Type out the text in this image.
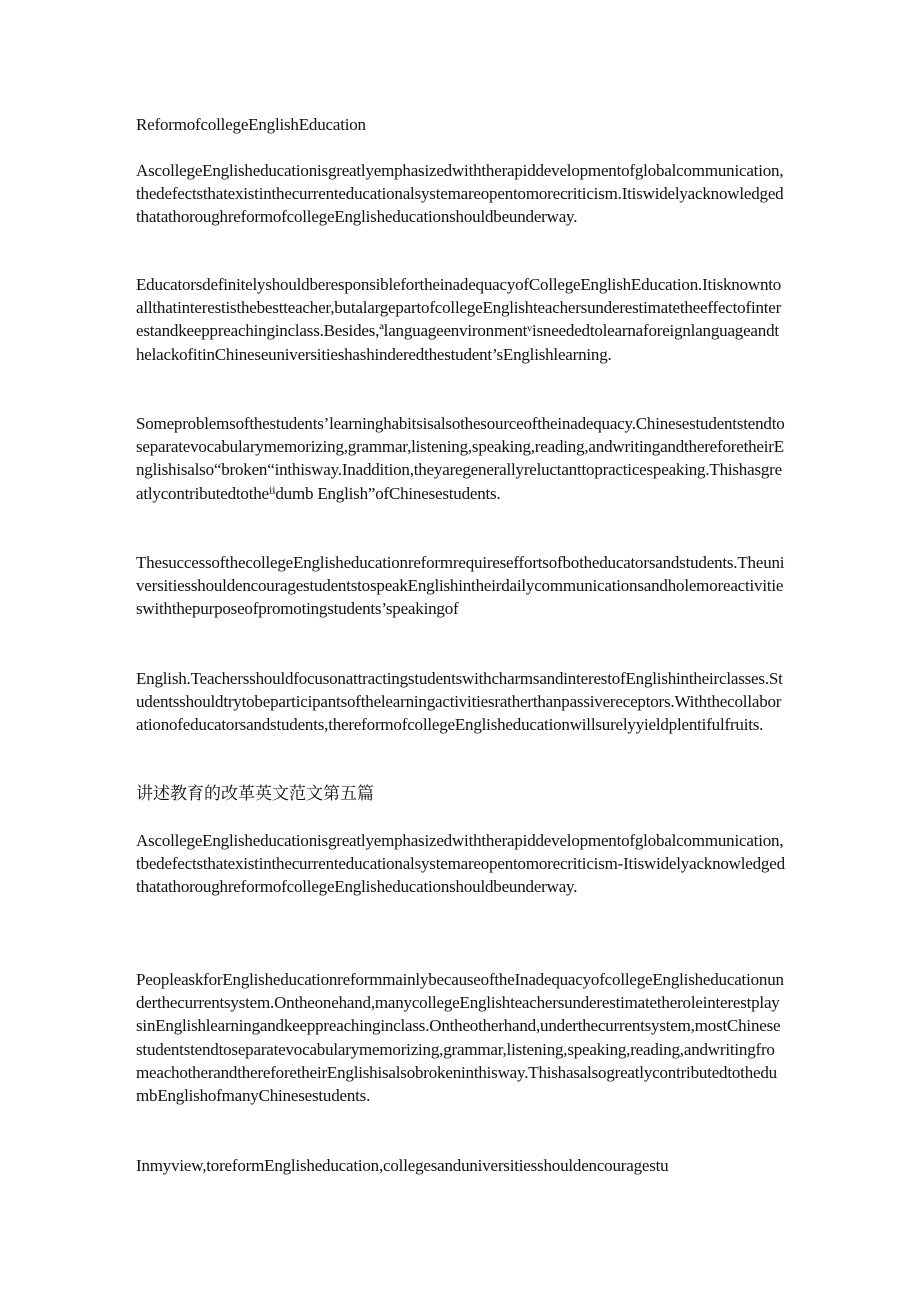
ReformofcollegeEnglishEducation
AscollegeEnglisheducationisgreatlyemphasizedwiththerapiddevelopmentofglobalcommunication,thedefectsthatexistinthecurrenteducationalsystemareopentomorecriticism.ItiswidelyacknowledgedthatathoroughreformofcollegeEnglisheducationshouldbeunderway.
EducatorsdefinitelyshouldberesponsiblefortheinadequacyofCollegeEnglishEducation.Itisknowntoallthatinterestisthebestteacher,butalargepartofcollegeEnglishteachersunderestimatetheeffectofinterestandkeeppreachinginclass.Besides,ªlanguageenvironmentᵛisneededtolearnaforeignlanguageandthelackofitinChineseuniversitieshashinderedthestudent’sEnglishlearning.
Someproblemsofthestudents’learninghabitsisalsothesourceoftheinadequacy.Chinesestudentstendtoseparatevocabularymemorizing,grammar,listening,speaking,reading,andwritingandthereforetheirEnglishisalso“broken“inthisway.Inaddition,theyaregenerallyreluctanttopracticespeaking.Thishasgreatlycontributedtotheⁱⁱdumb English”ofChinesestudents.
ThesuccessofthecollegeEnglisheducationreformrequireseffortsofbotheducatorsandstudents.TheuniversitiesshouldencouragestudentstospeakEnglishintheirdailycommunicationsandholemoreactivitieswiththepurposeofpromotingstudents’speakingof
English.TeachersshouldfocusonattractingstudentswithcharmsandinterestofEnglishintheirclasses.Studentsshouldtrytobeparticipantsofthelearningactivitiesratherthanpassivereceptors.Withthecollaborationofeducatorsandstudents,thereformofcollegeEnglisheducationwillsurelyyieldplentifulfruits.
讲述教育的改革英文范文第五篇
AscollegeEnglisheducationisgreatlyemphasizedwiththerapiddevelopmentofglobalcommunication,tbedefectsthatexistinthecurrenteducationalsystemareopentomorecriticism-ItiswidelyacknowledgedthatathoroughreformofcollegeEnglisheducationshouldbeunderway.
PeopleaskforEnglisheducationreformmainlybecauseoftheInadequacyofcollegeEnglisheducationunderthecurrentsystem.Ontheonehand,manycollegeEnglishteachersunderestimatetheroleinterestplaysinEnglishlearningandkeeppreachinginclass.Ontheotherhand,underthecurrentsystem,mostChinesestudentstendtoseparatevocabularymemorizing,grammar,listening,speaking,reading,andwritingfromeachotherandthereforetheirEnglishisalsobrokeninthisway.ThishasalsogreatlycontributedtothedumbEnglishofmanyChinesestudents.
Inmyview,toreformEnglisheducation,collegesanduniversitiesshouldencouragestu
